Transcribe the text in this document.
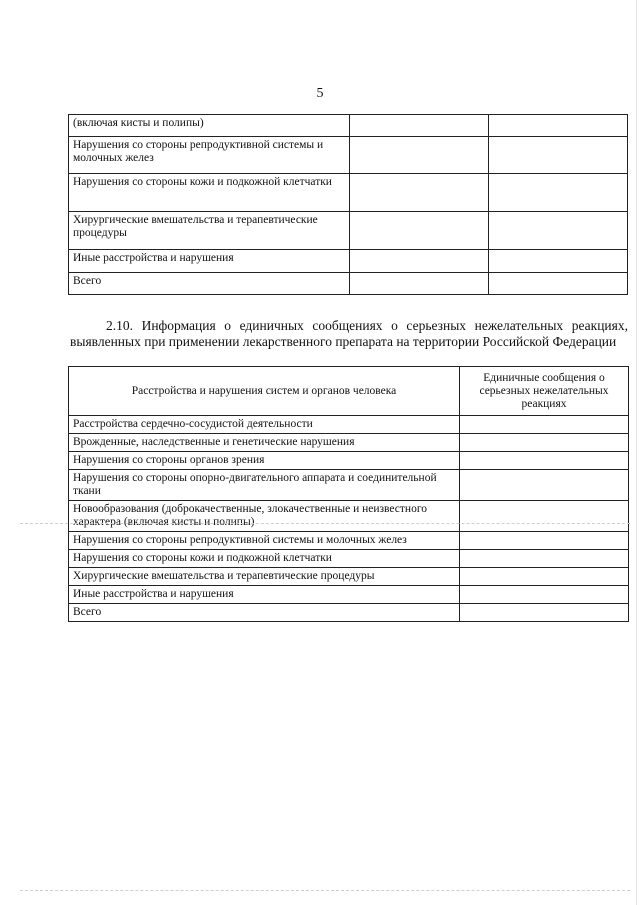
5
(включая кисты и полипы)		
Нарушения со стороны репродуктивной системы и молочных желез		
Нарушения со стороны кожи и подкожной клетчатки		
Хирургические вмешательства и терапевтические процедуры		
Иные расстройства и нарушения		
Всего		
2.10. Информация о единичных сообщениях о серьезных нежелательных реакциях, выявленных при применении лекарственного препарата на территории Российской Федерации
Расстройства и нарушения систем и органов человека	Единичные сообщения о серьезных нежелательных реакциях
Расстройства сердечно-сосудистой деятельности	
Врожденные, наследственные и генетические нарушения	
Нарушения со стороны органов зрения	
Нарушения со стороны опорно-двигательного аппарата и соединительной ткани	
Новообразования (доброкачественные, злокачественные и неизвестного характера (включая кисты и полипы)	
Нарушения со стороны репродуктивной системы и молочных желез	
Нарушения со стороны кожи и подкожной клетчатки	
Хирургические вмешательства и терапевтические процедуры	
Иные расстройства и нарушения	
Всего	
